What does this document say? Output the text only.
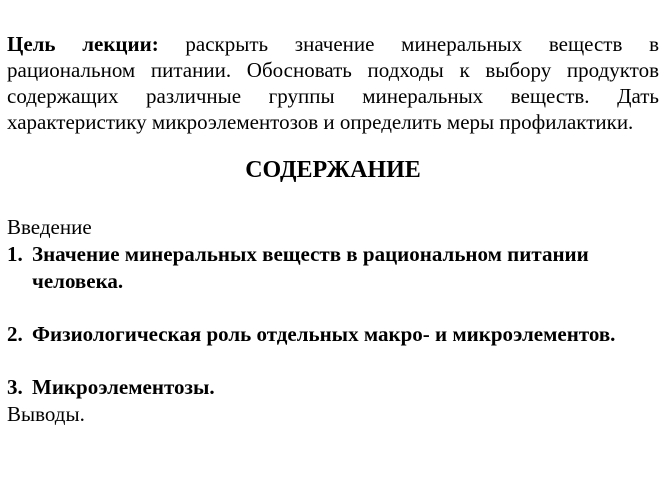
Цель лекции: раскрыть значение минеральных веществ в рациональном питании. Обосновать подходы к выбору продуктов содержащих различные группы минеральных веществ. Дать характеристику микроэлементозов и определить меры профилактики.

СОДЕРЖАНИЕ
Введение
1. Значение минеральных веществ в рациональном питании человека.
2. Физиологическая роль отдельных макро- и микроэлементов.
3. Микроэлементозы.
Выводы.
